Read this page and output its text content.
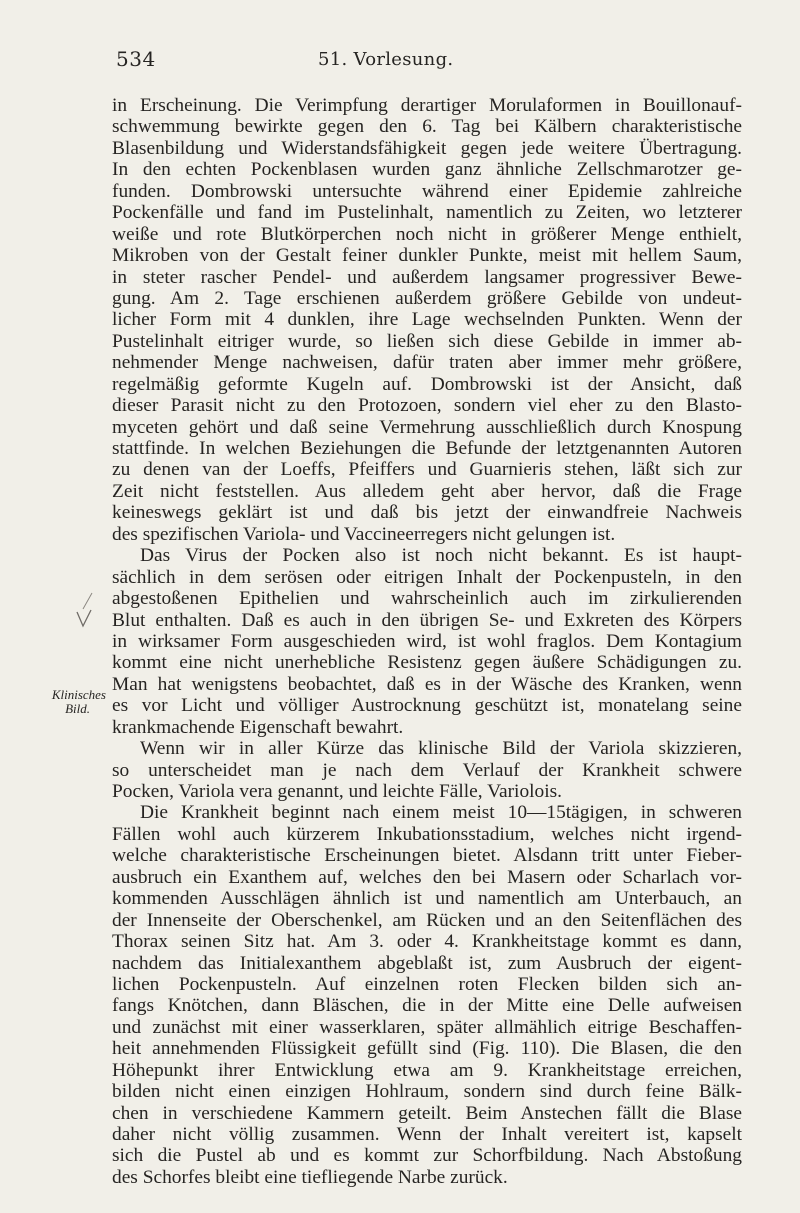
534	51. Vorlesung.
Klinisches
Bild.
in Erscheinung. Die Verimpfung derartiger Morulaformen in Bouillonauf-
schwemmung bewirkte gegen den 6. Tag bei Kälbern charakteristische
Blasenbildung und Widerstandsfähigkeit gegen jede weitere Übertragung.
In den echten Pockenblasen wurden ganz ähnliche Zellschmarotzer ge-
funden. Dombrowski untersuchte während einer Epidemie zahlreiche
Pockenfälle und fand im Pustelinhalt, namentlich zu Zeiten, wo letzterer
weiße und rote Blutkörperchen noch nicht in größerer Menge enthielt,
Mikroben von der Gestalt feiner dunkler Punkte, meist mit hellem Saum,
in steter rascher Pendel- und außerdem langsamer progressiver Bewe-
gung. Am 2. Tage erschienen außerdem größere Gebilde von undeut-
licher Form mit 4 dunklen, ihre Lage wechselnden Punkten. Wenn der
Pustelinhalt eitriger wurde, so ließen sich diese Gebilde in immer ab-
nehmender Menge nachweisen, dafür traten aber immer mehr größere,
regelmäßig geformte Kugeln auf. Dombrowski ist der Ansicht, daß
dieser Parasit nicht zu den Protozoen, sondern viel eher zu den Blasto-
myceten gehört und daß seine Vermehrung ausschließlich durch Knospung
stattfinde. In welchen Beziehungen die Befunde der letztgenannten Autoren
zu denen van der Loeffs, Pfeiffers und Guarnieris stehen, läßt sich zur
Zeit nicht feststellen. Aus alledem geht aber hervor, daß die Frage
keineswegs geklärt ist und daß bis jetzt der einwandfreie Nachweis
des spezifischen Variola- und Vaccineerregers nicht gelungen ist.
Das Virus der Pocken also ist noch nicht bekannt. Es ist haupt-
sächlich in dem serösen oder eitrigen Inhalt der Pockenpusteln, in den
abgestoßenen Epithelien und wahrscheinlich auch im zirkulierenden
Blut enthalten. Daß es auch in den übrigen Se- und Exkreten des Körpers
in wirksamer Form ausgeschieden wird, ist wohl fraglos. Dem Kontagium
kommt eine nicht unerhebliche Resistenz gegen äußere Schädigungen zu.
Man hat wenigstens beobachtet, daß es in der Wäsche des Kranken, wenn
es vor Licht und völliger Austrocknung geschützt ist, monatelang seine
krankmachende Eigenschaft bewahrt.
Wenn wir in aller Kürze das klinische Bild der Variola skizzieren,
so unterscheidet man je nach dem Verlauf der Krankheit schwere
Pocken, Variola vera genannt, und leichte Fälle, Variolois.
Die Krankheit beginnt nach einem meist 10—15tägigen, in schweren
Fällen wohl auch kürzerem Inkubationsstadium, welches nicht irgend-
welche charakteristische Erscheinungen bietet. Alsdann tritt unter Fieber-
ausbruch ein Exanthem auf, welches den bei Masern oder Scharlach vor-
kommenden Ausschlägen ähnlich ist und namentlich am Unterbauch, an
der Innenseite der Oberschenkel, am Rücken und an den Seitenflächen des
Thorax seinen Sitz hat. Am 3. oder 4. Krankheitstage kommt es dann,
nachdem das Initialexanthem abgeblaßt ist, zum Ausbruch der eigent-
lichen Pockenpusteln. Auf einzelnen roten Flecken bilden sich an-
fangs Knötchen, dann Bläschen, die in der Mitte eine Delle aufweisen
und zunächst mit einer wasserklaren, später allmählich eitrige Beschaffen-
heit annehmenden Flüssigkeit gefüllt sind (Fig. 110). Die Blasen, die den
Höhepunkt ihrer Entwicklung etwa am 9. Krankheitstage erreichen,
bilden nicht einen einzigen Hohlraum, sondern sind durch feine Bälk-
chen in verschiedene Kammern geteilt. Beim Anstechen fällt die Blase
daher nicht völlig zusammen. Wenn der Inhalt vereitert ist, kapselt
sich die Pustel ab und es kommt zur Schorfbildung. Nach Abstoßung
des Schorfes bleibt eine tiefliegende Narbe zurück.
